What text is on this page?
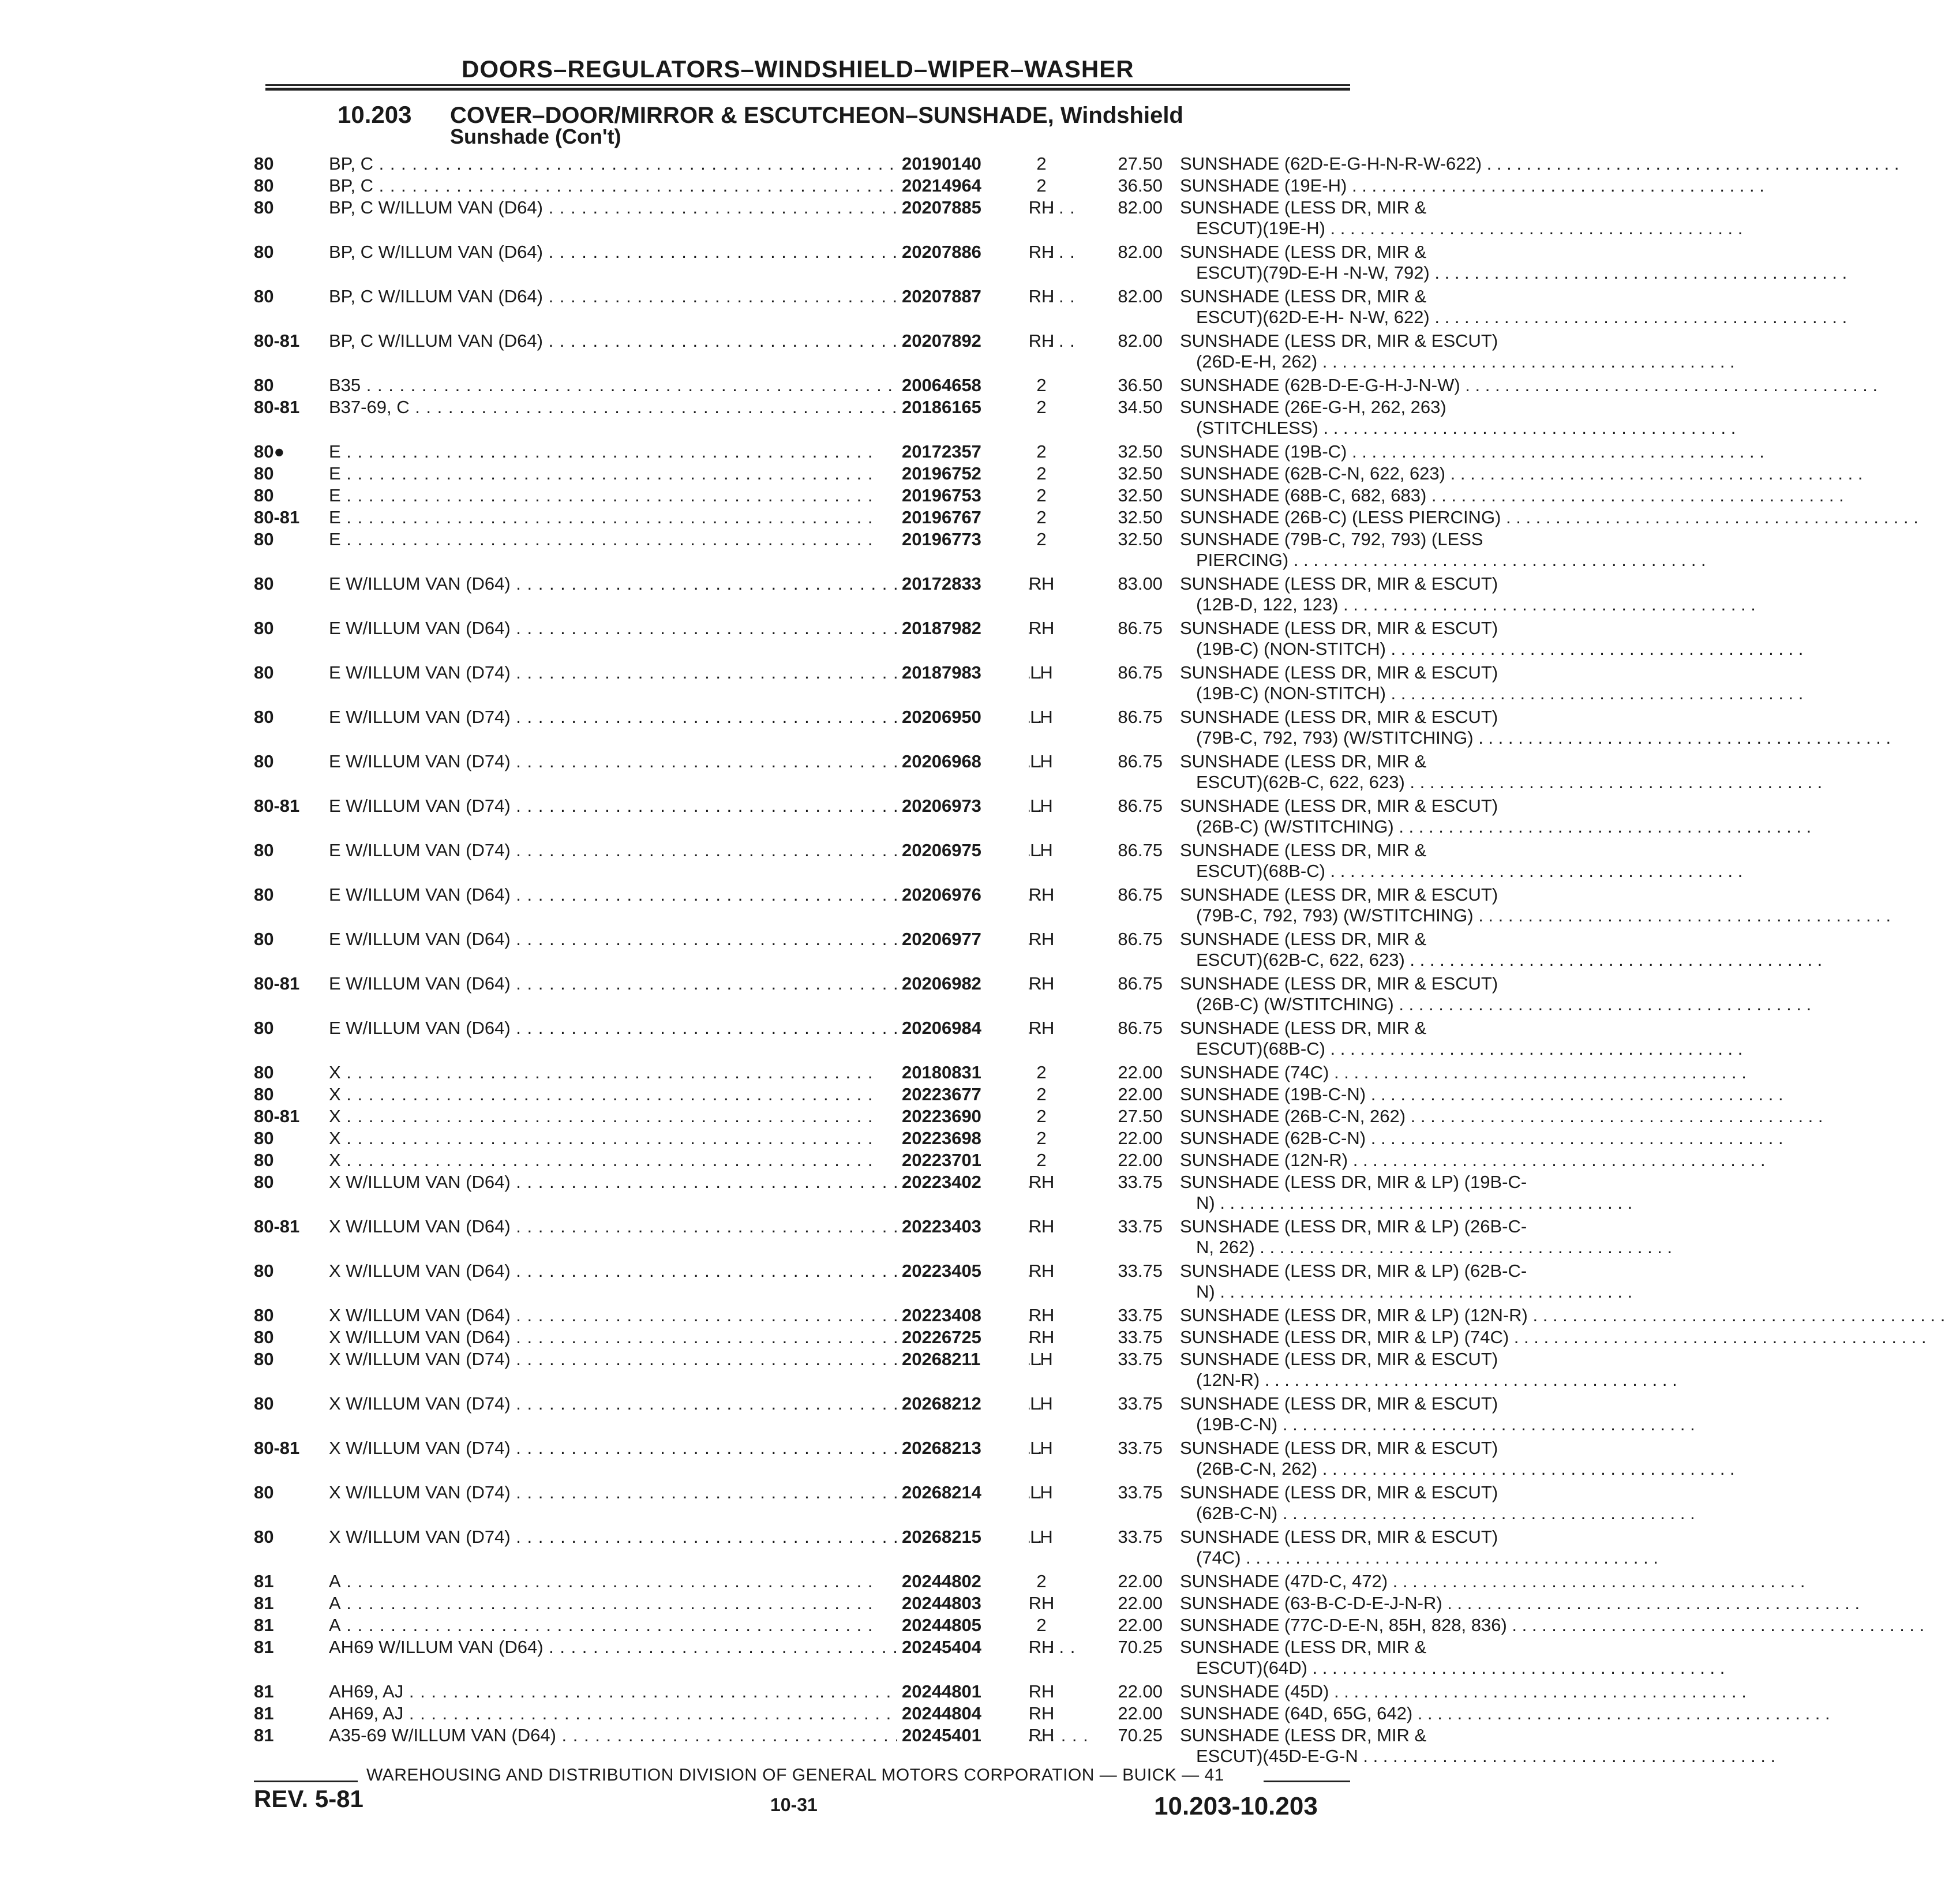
DOORS–REGULATORS–WINDSHIELD–WIPER–WASHER
10.203 COVER–DOOR/MIRROR & ESCUTCHEON–SUNSHADE, Windshield
Sunshade (Con't)
80	BP, C . . .	20190140	2	27.50 SUNSHADE (62D-E-G-H-N-R-W-622) . . .
80	BP, C . . .	20214964	2	36.50 SUNSHADE (19E-H) . . .
80	BP, C W/ILLUM VAN (D64) . . .	20207885	RH	82.00 SUNSHADE (LESS DR, MIR &
ESCUT)(19E-H) . . .
80	BP, C W/ILLUM VAN (D64) . . .	20207886	RH	82.00 SUNSHADE (LESS DR, MIR &
ESCUT)(79D-E-H -N-W, 792) . . .
80	BP, C W/ILLUM VAN (D64) . . .	20207887	RH	82.00 SUNSHADE (LESS DR, MIR &
ESCUT)(62D-E-H- N-W, 622) . . .
80-81	BP, C W/ILLUM VAN (D64) . . .	20207892	RH	82.00 SUNSHADE (LESS DR, MIR & ESCUT)
(26D-E-H, 262) . . .
80	B35 . . .	20064658	2	36.50 SUNSHADE (62B-D-E-G-H-J-N-W) . . .
80-81	B37-69, C . . .	20186165	2	34.50 SUNSHADE (26E-G-H, 262, 263)
(STITCHLESS) . . .
80●	E . . .	20172357	2	32.50 SUNSHADE (19B-C) . . .
80	E . . .	20196752	2	32.50 SUNSHADE (62B-C-N, 622, 623) . . .
80	E . . .	20196753	2	32.50 SUNSHADE (68B-C, 682, 683) . . .
80-81	E . . .	20196767	2	32.50 SUNSHADE (26B-C) (LESS PIERCING) . . .
80	E . . .	20196773	2	32.50 SUNSHADE (79B-C, 792, 793) (LESS
PIERCING) . . .
80	E W/ILLUM VAN (D64) . . .	20172833	RH	83.00 SUNSHADE (LESS DR, MIR & ESCUT)
(12B-D, 122, 123) . . .
80	E W/ILLUM VAN (D64) . . .	20187982	RH	86.75 SUNSHADE (LESS DR, MIR & ESCUT)
(19B-C) (NON-STITCH) . . .
80	E W/ILLUM VAN (D74) . . .	20187983	LH	86.75 SUNSHADE (LESS DR, MIR & ESCUT)
(19B-C) (NON-STITCH) . . .
80	E W/ILLUM VAN (D74) . . .	20206950	LH	86.75 SUNSHADE (LESS DR, MIR & ESCUT)
(79B-C, 792, 793) (W/STITCHING) . . .
80	E W/ILLUM VAN (D74) . . .	20206968	LH	86.75 SUNSHADE (LESS DR, MIR &
ESCUT)(62B-C, 622, 623) . . .
80-81	E W/ILLUM VAN (D74) . . .	20206973	LH	86.75 SUNSHADE (LESS DR, MIR & ESCUT)
(26B-C) (W/STITCHING) . . .
80	E W/ILLUM VAN (D74) . . .	20206975	LH	86.75 SUNSHADE (LESS DR, MIR &
ESCUT)(68B-C) . . .
80	E W/ILLUM VAN (D64) . . .	20206976	RH	86.75 SUNSHADE (LESS DR, MIR & ESCUT)
(79B-C, 792, 793) (W/STITCHING) . . .
80	E W/ILLUM VAN (D64) . . .	20206977	RH	86.75 SUNSHADE (LESS DR, MIR &
ESCUT)(62B-C, 622, 623) . . .
80-81	E W/ILLUM VAN (D64) . . .	20206982	RH	86.75 SUNSHADE (LESS DR, MIR & ESCUT)
(26B-C) (W/STITCHING) . . .
80	E W/ILLUM VAN (D64) . . .	20206984	RH	86.75 SUNSHADE (LESS DR, MIR &
ESCUT)(68B-C) . . .
80	X . . .	20180831	2	22.00 SUNSHADE (74C) . . .
80	X . . .	20223677	2	22.00 SUNSHADE (19B-C-N) . . .
80-81	X . . .	20223690	2	27.50 SUNSHADE (26B-C-N, 262) . . .
80	X . . .	20223698	2	22.00 SUNSHADE (62B-C-N) . . .
80	X . . .	20223701	2	22.00 SUNSHADE (12N-R) . . .
80	X W/ILLUM VAN (D64) . . .	20223402	RH	33.75 SUNSHADE (LESS DR, MIR & LP) (19B-C-
N) . . .
80-81	X W/ILLUM VAN (D64) . . .	20223403	RH	33.75 SUNSHADE (LESS DR, MIR & LP) (26B-C-
N, 262) . . .
80	X W/ILLUM VAN (D64) . . .	20223405	RH	33.75 SUNSHADE (LESS DR, MIR & LP) (62B-C-
N) . . .
80	X W/ILLUM VAN (D64) . . .	20223408	RH	33.75 SUNSHADE (LESS DR, MIR & LP) (12N-R) . . .
80	X W/ILLUM VAN (D64) . . .	20226725	RH	33.75 SUNSHADE (LESS DR, MIR & LP) (74C) . . .
80	X W/ILLUM VAN (D74) . . .	20268211	LH	33.75 SUNSHADE (LESS DR, MIR & ESCUT)
(12N-R) . . .
80	X W/ILLUM VAN (D74) . . .	20268212	LH	33.75 SUNSHADE (LESS DR, MIR & ESCUT)
(19B-C-N) . . .
80-81	X W/ILLUM VAN (D74) . . .	20268213	LH	33.75 SUNSHADE (LESS DR, MIR & ESCUT)
(26B-C-N, 262) . . .
80	X W/ILLUM VAN (D74) . . .	20268214	LH	33.75 SUNSHADE (LESS DR, MIR & ESCUT)
(62B-C-N) . . .
80	X W/ILLUM VAN (D74) . . .	20268215	LH	33.75 SUNSHADE (LESS DR, MIR & ESCUT)
(74C) . . .
81	A . . .	20244802	2	22.00 SUNSHADE (47D-C, 472) . . .
81	A . . .	20244803	RH	22.00 SUNSHADE (63-B-C-D-E-J-N-R) . . .
81	A . . .	20244805	2	22.00 SUNSHADE (77C-D-E-N, 85H, 828, 836) . . .
81	AH69 W/ILLUM VAN (D64) . . .	20245404	RH	70.25 SUNSHADE (LESS DR, MIR &
ESCUT)(64D) . . .
81	AH69, AJ . . .	20244801	RH	22.00 SUNSHADE (45D) . . .
81	AH69, AJ . . .	20244804	RH	22.00 SUNSHADE (64D, 65G, 642) . . .
81	A35-69 W/ILLUM VAN (D64) . . .	20245401	RH	70.25 SUNSHADE (LESS DR, MIR &
ESCUT)(45D-E-G-N . . .
WAREHOUSING AND DISTRIBUTION DIVISION OF GENERAL MOTORS CORPORATION — BUICK — 41
REV. 5-81	10-31	10.203-10.203
